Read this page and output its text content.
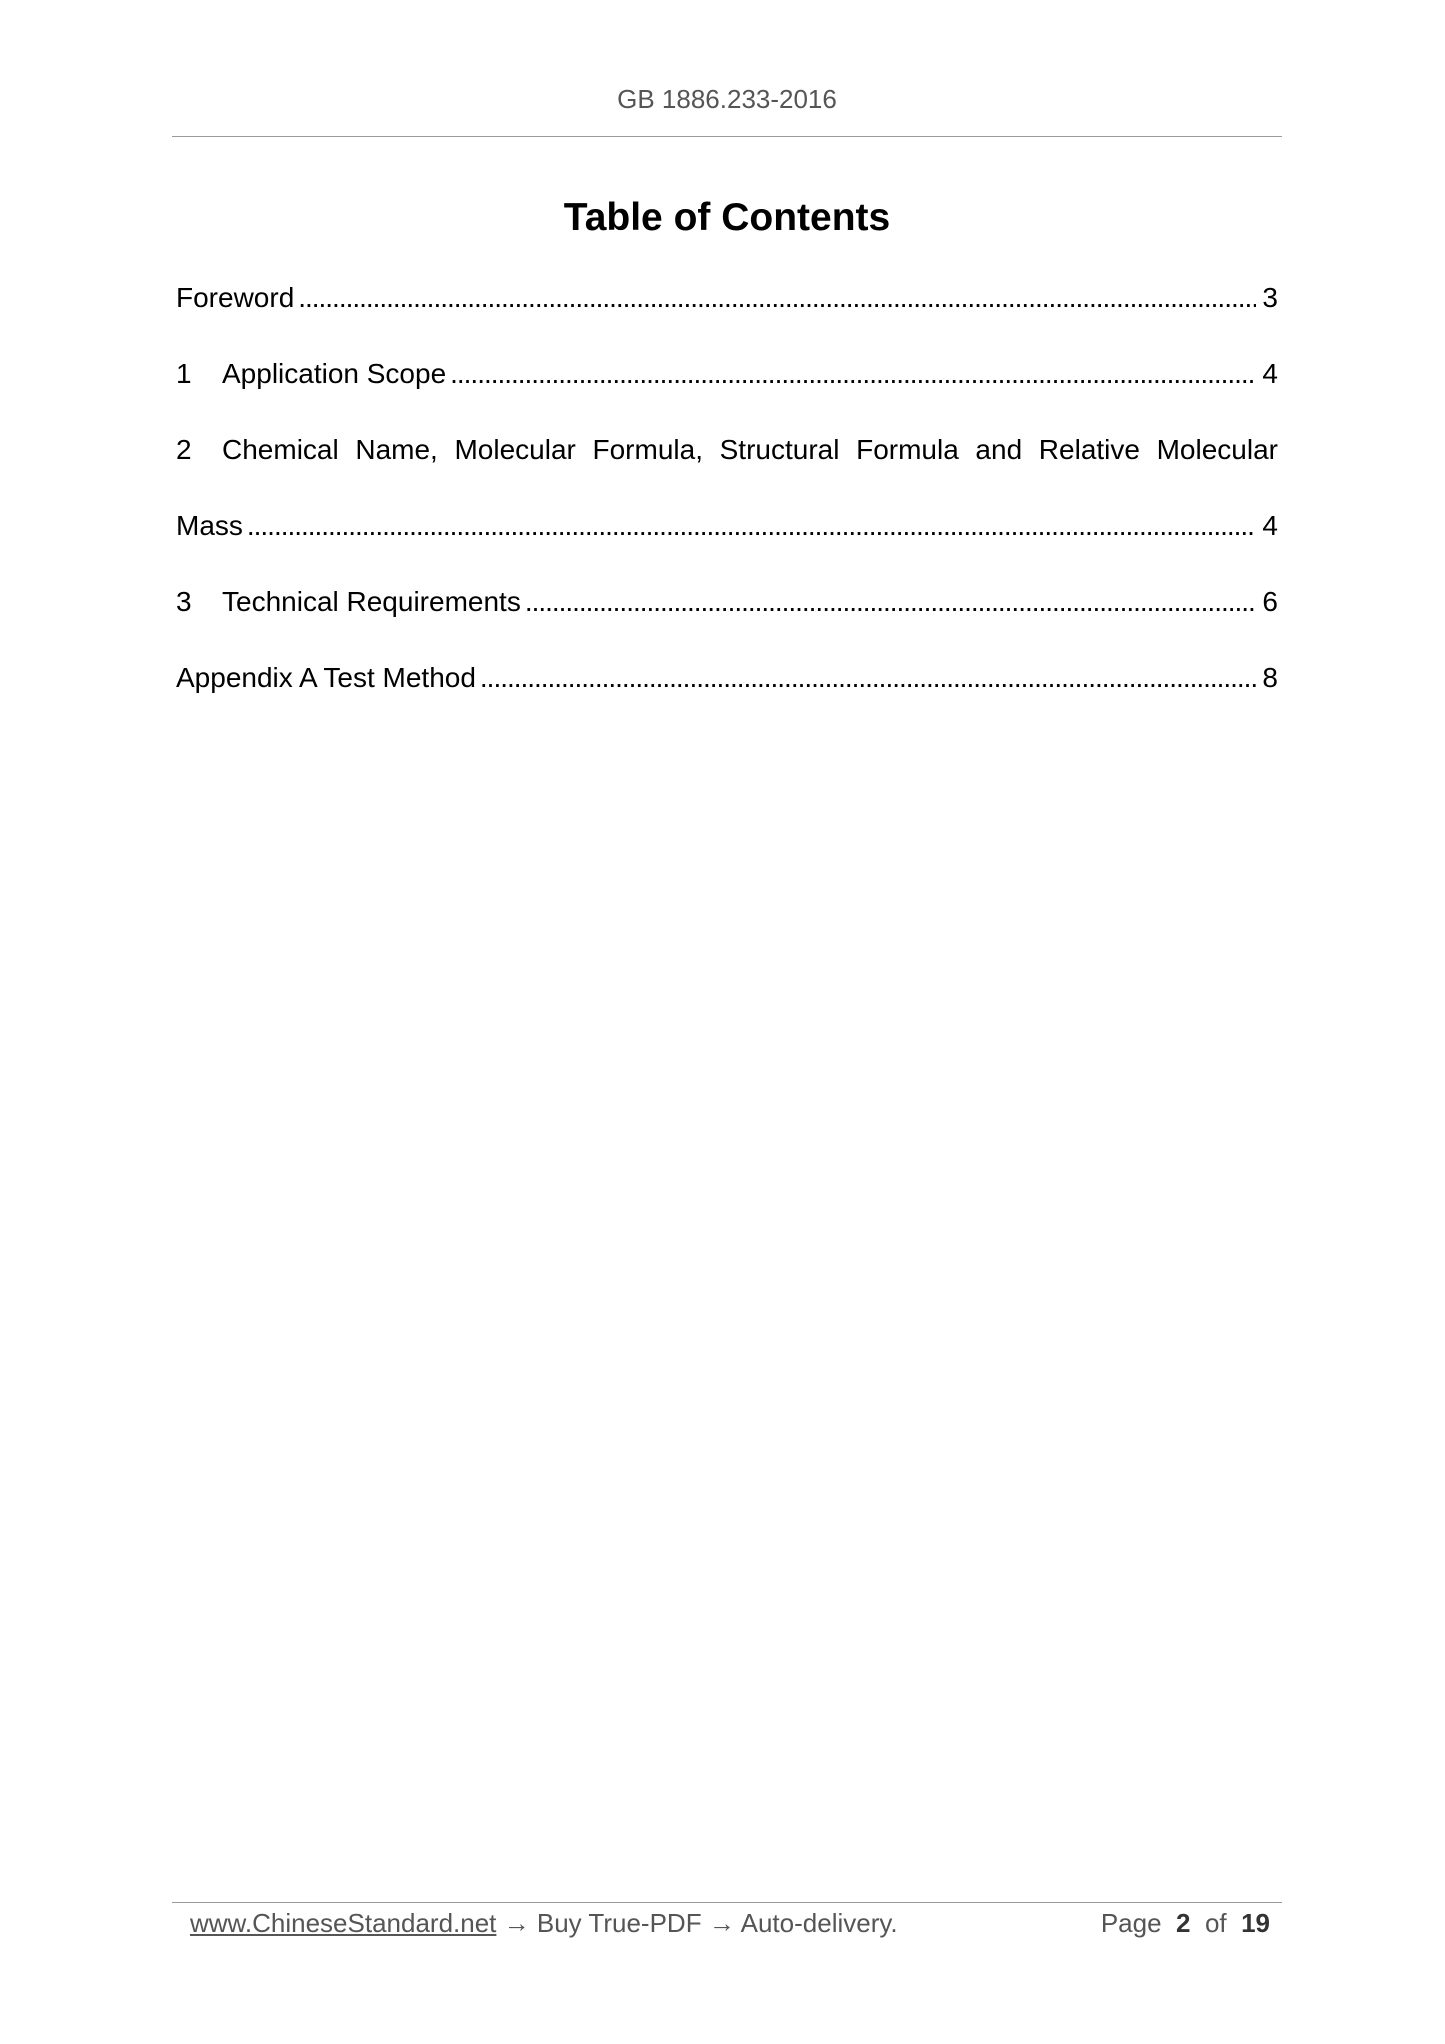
GB 1886.233-2016
Table of Contents
Foreword . . .	3
1	Application Scope . . .	4
2	Chemical Name, Molecular Formula, Structural Formula and Relative Molecular
Mass . . .	4
3	Technical Requirements . . .	6
Appendix A Test Method . . .	8
www.ChineseStandard.net → Buy True-PDF → Auto-delivery.	Page 2 of 19
